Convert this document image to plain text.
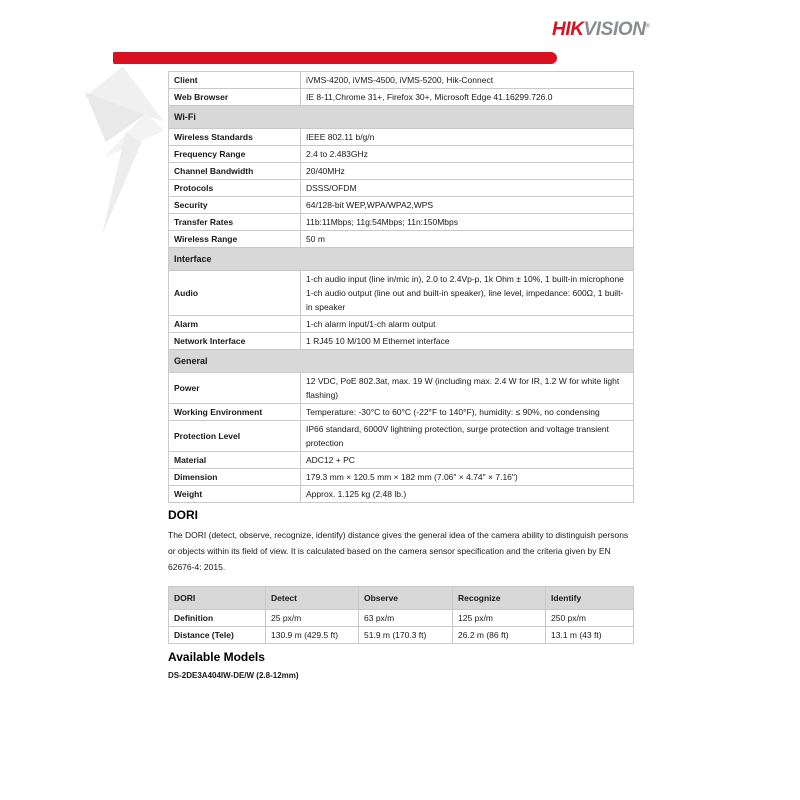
HIKVISION®
Client	iVMS-4200, iVMS-4500, iVMS-5200, Hik-Connect

Web Browser	IE 8-11,Chrome 31+, Firefox 30+, Microsoft Edge 41.16299.726.0

Wi-Fi	
Wireless Standards	IEEE 802.11 b/g/n

Frequency Range	2.4 to 2.483GHz

Channel Bandwidth	20/40MHz

Protocols	DSSS/OFDM

Security	64/128-bit WEP,WPA/WPA2,WPS

Transfer Rates	11b:11Mbps; 11g:54Mbps; 11n:150Mbps

Wireless Range	50 m

Interface	
Audio	1-ch audio input (line in/mic in), 2.0 to 2.4Vp-p, 1k Ohm ± 10%, 1 built-in microphone
1-ch audio output (line out and built-in speaker), line level, impedance: 600Ω, 1 built-in speaker

Alarm	1-ch alarm input/1-ch alarm output

Network Interface	1 RJ45 10 M/100 M Ethernet interface

General	
Power	12 VDC, PoE 802.3at, max. 19 W (including max. 2.4 W for IR, 1.2 W for white light flashing)

Working Environment	Temperature: -30°C to 60°C (-22°F to 140°F), humidity: ≤ 90%, no condensing

Protection Level	IP66 standard, 6000V lightning protection, surge protection and voltage transient protection

Material	ADC12 + PC

Dimension	179.3 mm × 120.5 mm × 182 mm (7.06" × 4.74" × 7.16")

Weight	Approx. 1.125 kg (2.48 lb.)
DORI

The DORI (detect, observe, recognize, identify) distance gives the general idea of the camera ability to distinguish persons or objects within its field of view. It is calculated based on the camera sensor specification and the criteria given by EN 62676-4: 2015.

DORI	Detect	Observe	Recognize	Identify
Definition	25 px/m	63 px/m	125 px/m	250 px/m
Distance (Tele)	130.9 m (429.5 ft)	51.9 m (170.3 ft)	26.2 m (86 ft)	13.1 m (43 ft)
Available Models
DS-2DE3A404IW-DE/W (2.8-12mm)
